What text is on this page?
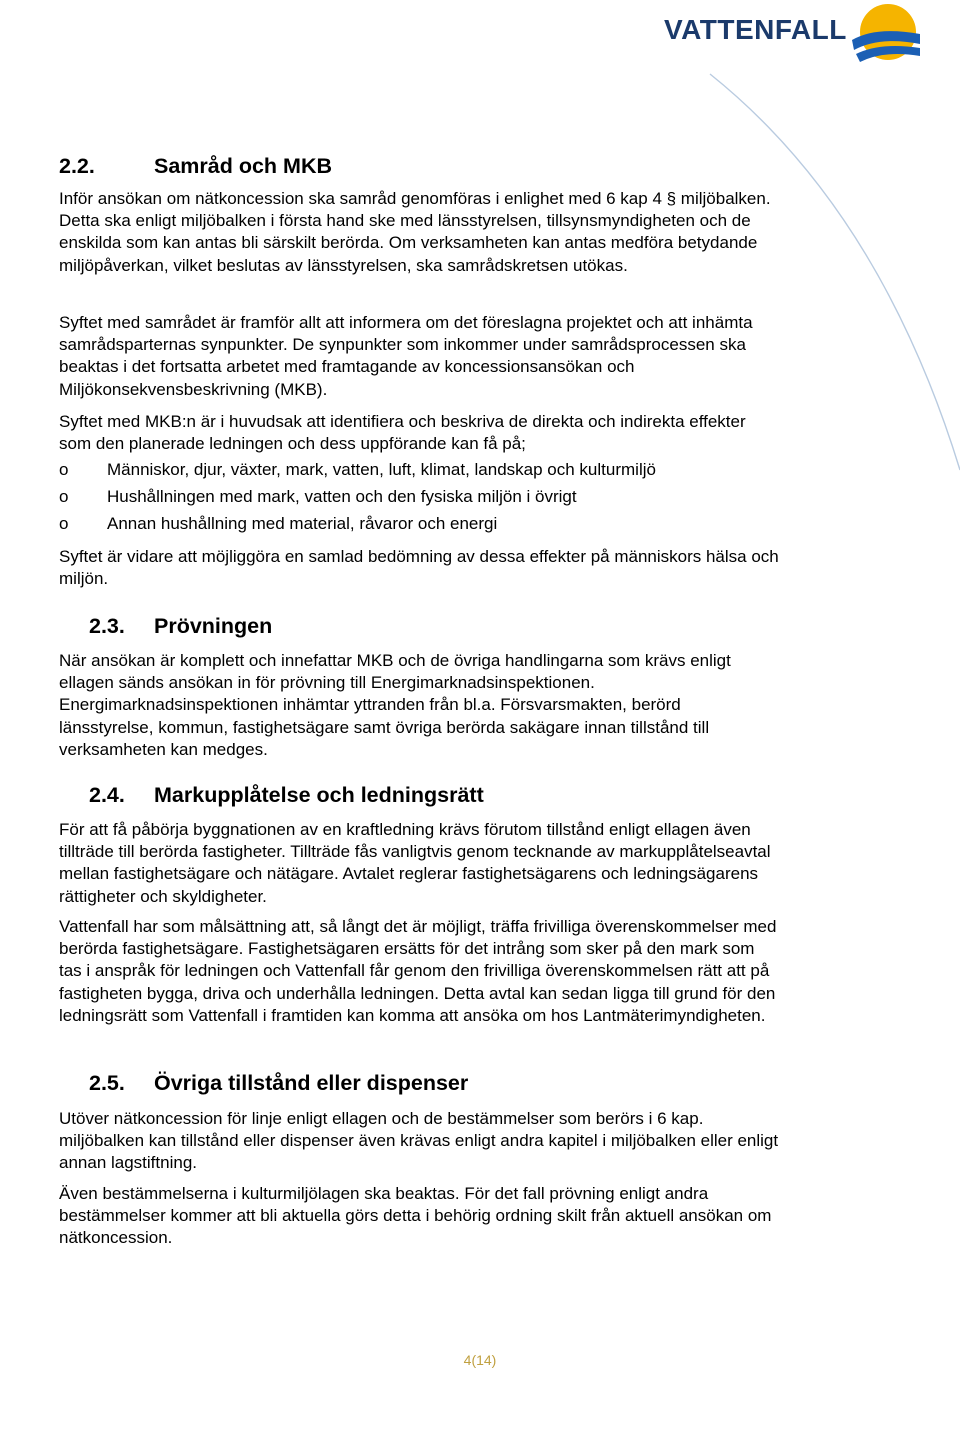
VATTENFALL
2.2.	Samråd och MKB

Inför ansökan om nätkoncession ska samråd genomföras i enlighet med 6 kap 4 § miljöbalken. Detta ska enligt miljöbalken i första hand ske med länsstyrelsen, tillsynsmyndigheten och de enskilda som kan antas bli särskilt berörda. Om verksamheten kan antas medföra betydande miljöpåverkan, vilket beslutas av länsstyrelsen, ska samrådskretsen utökas.

Syftet med samrådet är framför allt att informera om det föreslagna projektet och att inhämta samrådsparternas synpunkter. De synpunkter som inkommer under samrådsprocessen ska beaktas i det fortsatta arbetet med framtagande av koncessionsansökan och Miljökonsekvensbeskrivning (MKB).

Syftet med MKB:n är i huvudsak att identifiera och beskriva de direkta och indirekta effekter som den planerade ledningen och dess uppförande kan få på;

o	Människor, djur, växter, mark, vatten, luft, klimat, landskap och kulturmiljö
o	Hushållningen med mark, vatten och den fysiska miljön i övrigt
o	Annan hushållning med material, råvaror och energi

Syftet är vidare att möjliggöra en samlad bedömning av dessa effekter på människors hälsa och miljön.

2.3.	Prövningen

När ansökan är komplett och innefattar MKB och de övriga handlingarna som krävs enligt ellagen sänds ansökan in för prövning till Energimarknadsinspektionen. Energimarknadsinspektionen inhämtar yttranden från bl.a. Försvarsmakten, berörd länsstyrelse, kommun, fastighetsägare samt övriga berörda sakägare innan tillstånd till verksamheten kan medges.

2.4.	Markupplåtelse och ledningsrätt

För att få påbörja byggnationen av en kraftledning krävs förutom tillstånd enligt ellagen även tillträde till berörda fastigheter. Tillträde fås vanligtvis genom tecknande av markupplåtelseavtal mellan fastighetsägare och nätägare. Avtalet reglerar fastighetsägarens och ledningsägarens rättigheter och skyldigheter.

Vattenfall har som målsättning att, så långt det är möjligt, träffa frivilliga överenskommelser med berörda fastighetsägare. Fastighetsägaren ersätts för det intrång som sker på den mark som tas i anspråk för ledningen och Vattenfall får genom den frivilliga överenskommelsen rätt att på fastigheten bygga, driva och underhålla ledningen. Detta avtal kan sedan ligga till grund för den ledningsrätt som Vattenfall i framtiden kan komma att ansöka om hos Lantmäterimyndigheten.

2.5.	Övriga tillstånd eller dispenser

Utöver nätkoncession för linje enligt ellagen och de bestämmelser som berörs i 6 kap. miljöbalken kan tillstånd eller dispenser även krävas enligt andra kapitel i miljöbalken eller enligt annan lagstiftning.

Även bestämmelserna i kulturmiljölagen ska beaktas. För det fall prövning enligt andra bestämmelser kommer att bli aktuella görs detta i behörig ordning skilt från aktuell ansökan om nätkoncession.

4(14)
